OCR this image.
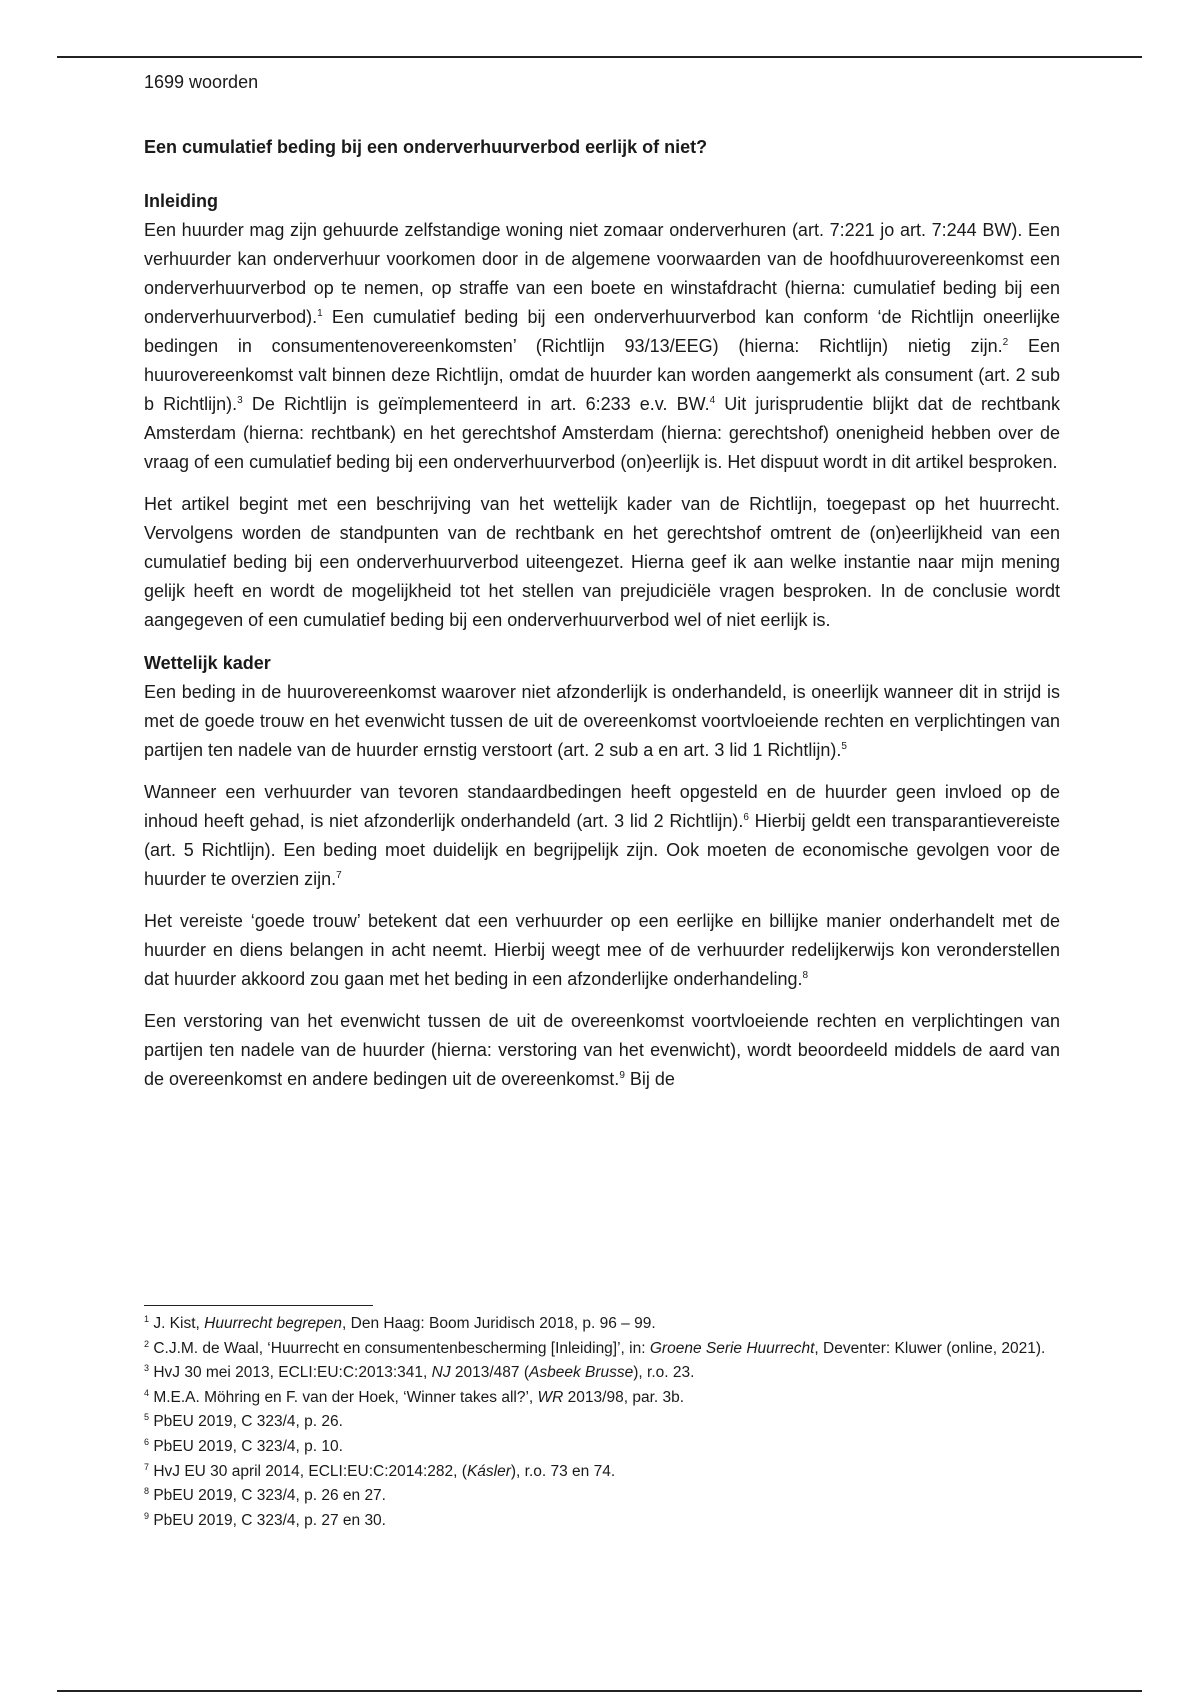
1699 woorden
Een cumulatief beding bij een onderverhuurverbod eerlijk of niet?
Inleiding

Een huurder mag zijn gehuurde zelfstandige woning niet zomaar onderverhuren (art. 7:221 jo art. 7:244 BW). Een verhuurder kan onderverhuur voorkomen door in de algemene voorwaarden van de hoofdhuurovereenkomst een onderverhuurverbod op te nemen, op straffe van een boete en winstafdracht (hierna: cumulatief beding bij een onderverhuurverbod).$^1$ Een cumulatief beding bij een onderverhuurverbod kan conform ‘de Richtlijn oneerlijke bedingen in consumentenovereenkomsten’ (Richtlijn 93/13/EEG) (hierna: Richtlijn) nietig zijn.$^2$ Een huurovereenkomst valt binnen deze Richtlijn, omdat de huurder kan worden aangemerkt als consument (art. 2 sub b Richtlijn).$^3$ De Richtlijn is geïmplementeerd in art. 6:233 e.v. BW.$^4$ Uit jurisprudentie blijkt dat de rechtbank Amsterdam (hierna: rechtbank) en het gerechtshof Amsterdam (hierna: gerechtshof) onenigheid hebben over de vraag of een cumulatief beding bij een onderverhuurverbod (on)eerlijk is. Het dispuut wordt in dit artikel besproken.

Het artikel begint met een beschrijving van het wettelijk kader van de Richtlijn, toegepast op het huurrecht. Vervolgens worden de standpunten van de rechtbank en het gerechtshof omtrent de (on)eerlijkheid van een cumulatief beding bij een onderverhuurverbod uiteengezet. Hierna geef ik aan welke instantie naar mijn mening gelijk heeft en wordt de mogelijkheid tot het stellen van prejudiciële vragen besproken. In de conclusie wordt aangegeven of een cumulatief beding bij een onderverhuurverbod wel of niet eerlijk is.

Wettelijk kader

Een beding in de huurovereenkomst waarover niet afzonderlijk is onderhandeld, is oneerlijk wanneer dit in strijd is met de goede trouw en het evenwicht tussen de uit de overeenkomst voortvloeiende rechten en verplichtingen van partijen ten nadele van de huurder ernstig verstoort (art. 2 sub a en art. 3 lid 1 Richtlijn).$^5$

Wanneer een verhuurder van tevoren standaardbedingen heeft opgesteld en de huurder geen invloed op de inhoud heeft gehad, is niet afzonderlijk onderhandeld (art. 3 lid 2 Richtlijn).$^6$ Hierbij geldt een transparantievereiste (art. 5 Richtlijn). Een beding moet duidelijk en begrijpelijk zijn. Ook moeten de economische gevolgen voor de huurder te overzien zijn.$^7$

Het vereiste ‘goede trouw’ betekent dat een verhuurder op een eerlijke en billijke manier onderhandelt met de huurder en diens belangen in acht neemt. Hierbij weegt mee of de verhuurder redelijkerwijs kon veronderstellen dat huurder akkoord zou gaan met het beding in een afzonderlijke onderhandeling.$^8$

Een verstoring van het evenwicht tussen de uit de overeenkomst voortvloeiende rechten en verplichtingen van partijen ten nadele van de huurder (hierna: verstoring van het evenwicht), wordt beoordeeld middels de aard van de overeenkomst en andere bedingen uit de overeenkomst.$^9$ Bij de

$^1$ J. Kist, Huurrecht begrepen, Den Haag: Boom Juridisch 2018, p. 96 – 99.

$^2$ C.J.M. de Waal, ‘Huurrecht en consumentenbescherming [Inleiding]’, in: Groene Serie Huurrecht, Deventer: Kluwer (online, 2021).

$^3$ HvJ 30 mei 2013, ECLI:EU:C:2013:341, NJ 2013/487 (Asbeek Brusse), r.o. 23.

$^4$ M.E.A. Möhring en F. van der Hoek, ‘Winner takes all?’, WR 2013/98, par. 3b.

$^5$ PbEU 2019, C 323/4, p. 26.

$^6$ PbEU 2019, C 323/4, p. 10.

$^7$ HvJ EU 30 april 2014, ECLI:EU:C:2014:282, (Kásler), r.o. 73 en 74.

$^8$ PbEU 2019, C 323/4, p. 26 en 27.

$^9$ PbEU 2019, C 323/4, p. 27 en 30.
